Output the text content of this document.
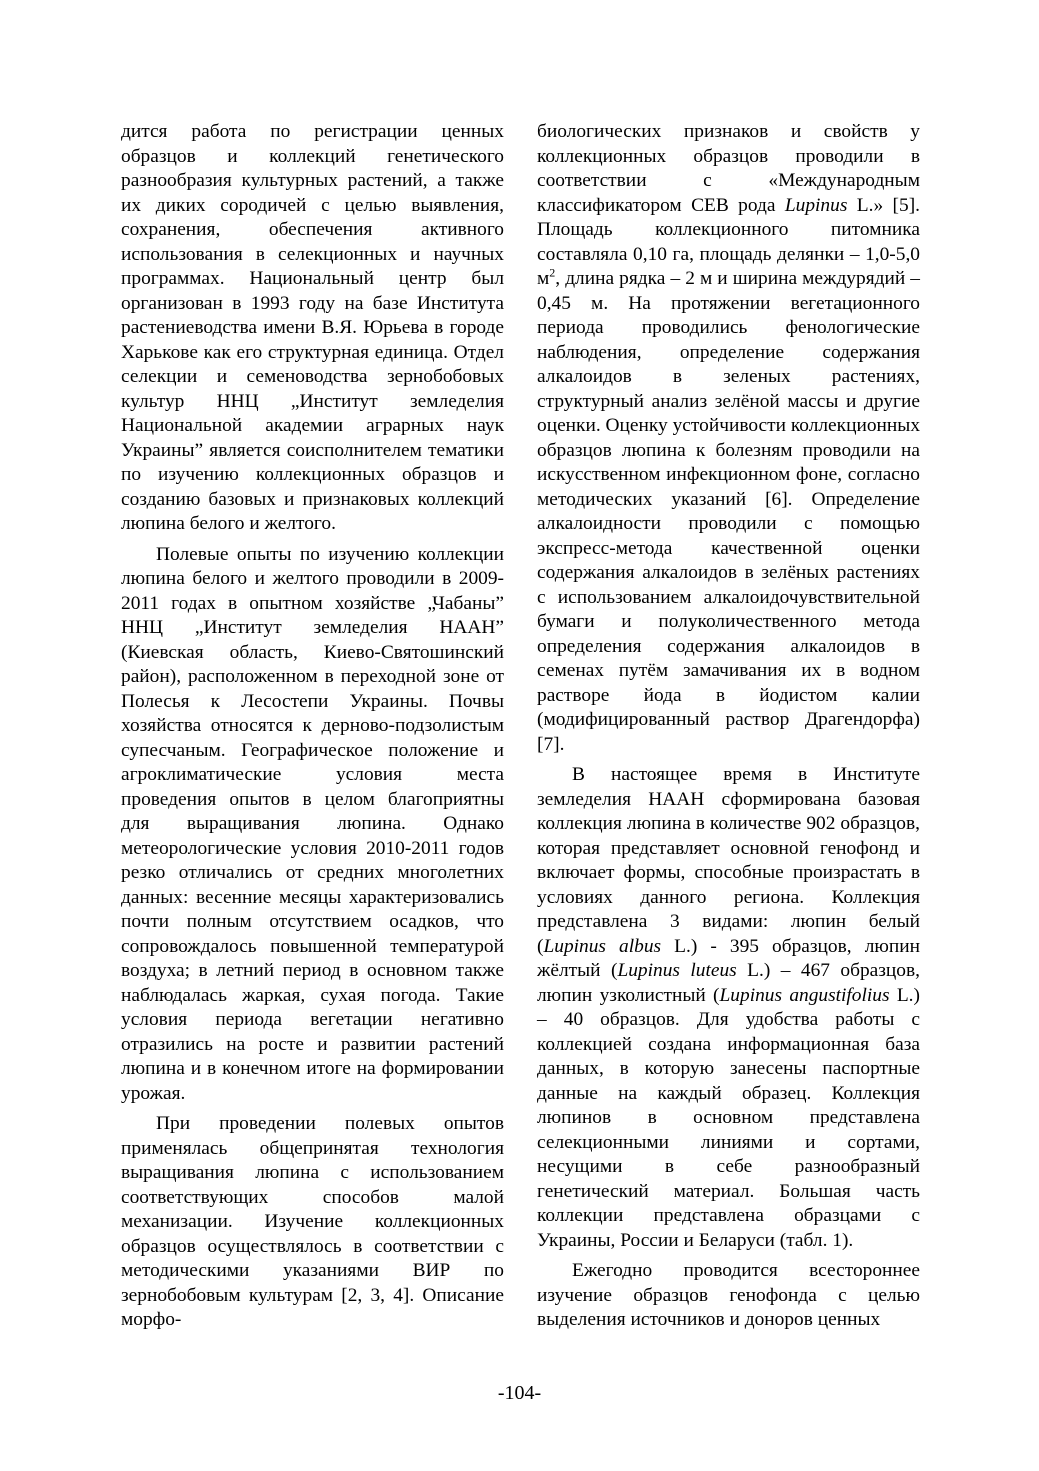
дится работа по регистрации ценных образцов и коллекций генетического разнообразия культурных растений, а также их диких сородичей с целью выявления, сохранения, обеспечения активного использования в селекционных и научных программах. Национальный центр был организован в 1993 году на базе Института растениеводства имени В.Я. Юрьева в городе Харькове как его структурная единица. Отдел селекции и семеноводства зернобобовых культур ННЦ „Институт земледелия Национальной академии аграрных наук Украины” является соисполнителем тематики по изучению коллекционных образцов и созданию базовых и признаковых коллекций люпина белого и желтого.

Полевые опыты по изучению коллекции люпина белого и желтого проводили в 2009-2011 годах в опытном хозяйстве „Чабаны” ННЦ „Институт земледелия НААН” (Киевская область, Киево-Святошинский район), расположенном в переходной зоне от Полесья к Лесостепи Украины. Почвы хозяйства относятся к дерново-подзолистым супесчаным. Географическое положение и агроклиматические условия места проведения опытов в целом благоприятны для выращивания люпина. Однако метеорологические условия 2010-2011 годов резко отличались от средних многолетних данных: весенние месяцы характеризовались почти полным отсутствием осадков, что сопровождалось повышенной температурой воздуха; в летний период в основном также наблюдалась жаркая, сухая погода. Такие условия периода вегетации негативно отразились на росте и развитии растений люпина и в конечном итоге на формировании урожая.

При проведении полевых опытов применялась общепринятая технология выращивания люпина с использованием соответствующих способов малой механизации. Изучение коллекционных образцов осуществлялось в соответствии с методическими указаниями ВИР по зернобобовым культурам [2, 3, 4]. Описание морфо-

биологических признаков и свойств у коллекционных образцов проводили в соответствии с «Международным классификатором СЕВ рода Lupinus L.» [5]. Площадь коллекционного питомника составляла 0,10 га, площадь делянки – 1,0-5,0 $м^2$, длина рядка – 2 м и ширина междурядий – 0,45 м. На протяжении вегетационного периода проводились фенологические наблюдения, определение содержания алкалоидов в зеленых растениях, структурный анализ зелёной массы и другие оценки. Оценку устойчивости коллекционных образцов люпина к болезням проводили на искусственном инфекционном фоне, согласно методических указаний [6]. Определение алкалоидности проводили с помощью экспресс-метода качественной оценки содержания алкалоидов в зелёных растениях с использованием алкалоидочувствительной бумаги и полуколичественного метода определения содержания алкалоидов в семенах путём замачивания их в водном растворе йода в йодистом калии (модифицированный раствор Драгендорфа) [7].

В настоящее время в Институте земледелия НААН сформирована базовая коллекция люпина в количестве 902 образцов, которая представляет основной генофонд и включает формы, способные произрастать в условиях данного региона. Коллекция представлена 3 видами: люпин белый (Lupinus albus L.) - 395 образцов, люпин жёлтый (Lupinus luteus L.) – 467 образцов, люпин узколистный (Lupinus angustifolius L.) – 40 образцов. Для удобства работы с коллекцией создана информационная база данных, в которую занесены паспортные данные на каждый образец. Коллекция люпинов в основном представлена селекционными линиями и сортами, несущими в себе разнообразный генетический материал. Большая часть коллекции представлена образцами с Украины, России и Беларуси (табл. 1).

Ежегодно проводится всестороннее изучение образцов генофонда с целью выделения источников и доноров ценных

-104-
